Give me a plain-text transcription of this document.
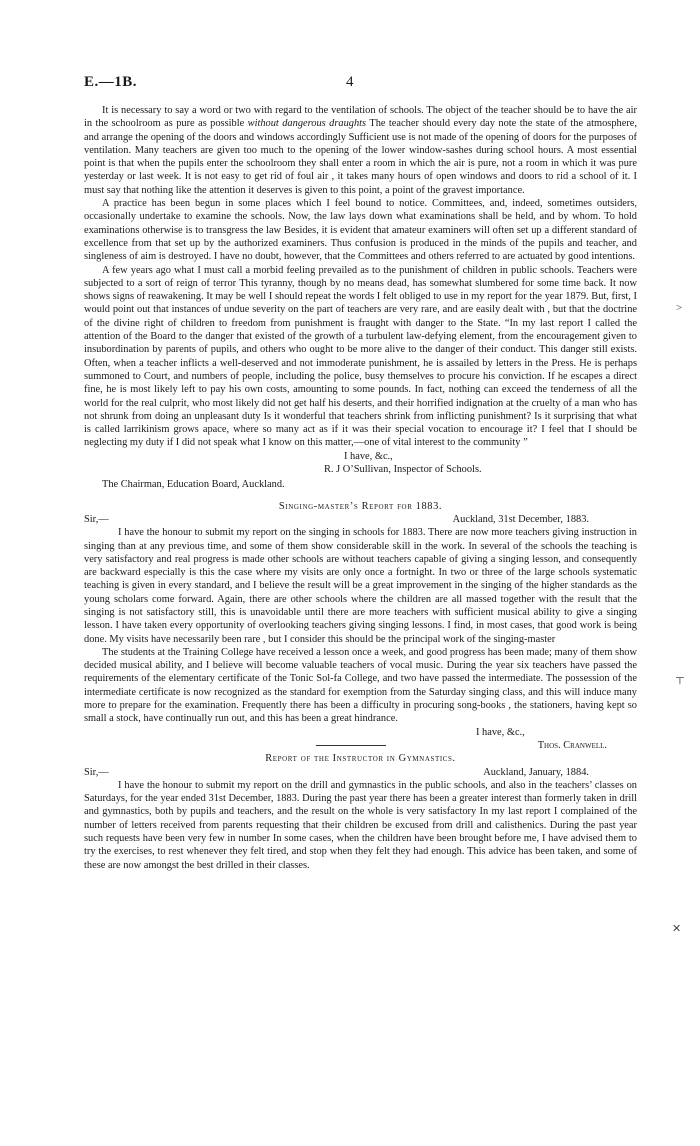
E.—1B.	4
>
┬
✕

It is necessary to say a word or two with regard to the ventilation of schools. The object of the teacher should be to have the air in the schoolroom as pure as possible without dangerous draughts The teacher should every day note the state of the atmosphere, and arrange the opening of the doors and windows accordingly Sufficient use is not made of the opening of doors for the purposes of ventilation. Many teachers are given too much to the opening of the lower window-sashes during school hours. A most essential point is that when the pupils enter the schoolroom they shall enter a room in which the air is pure, not a room in which it was pure yesterday or last week. It is not easy to get rid of foul air , it takes many hours of open windows and doors to rid a school of it. I must say that nothing like the attention it deserves is given to this point, a point of the gravest importance.

A practice has been begun in some places which I feel bound to notice. Committees, and, indeed, sometimes outsiders, occasionally undertake to examine the schools. Now, the law lays down what examinations shall be held, and by whom. To hold examinations otherwise is to transgress the law Besides, it is evident that amateur examiners will often set up a different standard of excellence from that set up by the authorized examiners. Thus confusion is produced in the minds of the pupils and teacher, and singleness of aim is destroyed. I have no doubt, however, that the Committees and others referred to are actuated by good intentions.

A few years ago what I must call a morbid feeling prevailed as to the punishment of children in public schools. Teachers were subjected to a sort of reign of terror This tyranny, though by no means dead, has somewhat slumbered for some time back. It now shows signs of reawakening. It may be well I should repeat the words I felt obliged to use in my report for the year 1879. But, first, I would point out that instances of undue severity on the part of teachers are very rare, and are easily dealt with , but that the doctrine of the divine right of children to freedom from punishment is fraught with danger to the State. “In my last report I called the attention of the Board to the danger that existed of the growth of a turbulent law-defying element, from the encouragement given to insubordination by parents of pupils, and others who ought to be more alive to the danger of their conduct. This danger still exists. Often, when a teacher inflicts a well-deserved and not immoderate punishment, he is assailed by letters in the Press. He is perhaps summoned to Court, and numbers of people, including the police, busy themselves to procure his conviction. If he escapes a direct fine, he is most likely left to pay his own costs, amounting to some pounds. In fact, nothing can exceed the tenderness of all the world for the real culprit, who most likely did not get half his deserts, and their horrified indignation at the cruelty of a man who has not shrunk from doing an unpleasant duty Is it wonderful that teachers shrink from inflicting punishment? Is it surprising that what is called larrikinism grows apace, where so many act as if it was their special vocation to encourage it? I feel that I should be neglecting my duty if I did not speak what I know on this matter,—one of vital interest to the community ”

I have, &c.,
R. J O’Sullivan, Inspector of Schools.
The Chairman, Education Board, Auckland.
Singing-master’s Report for 1883.
Sir,—	Auckland, 31st December, 1883.

I have the honour to submit my report on the singing in schools for 1883. There are now more teachers giving instruction in singing than at any previous time, and some of them show considerable skill in the work. In several of the schools the teaching is very satisfactory and real progress is made other schools are without teachers capable of giving a singing lesson, and consequently are backward especially is this the case where my visits are only once a fortnight. In two or three of the large schools systematic teaching is given in every standard, and I believe the result will be a great improvement in the singing of the higher standards as the young scholars come forward. Again, there are other schools where the children are all massed together with the result that the singing is not satisfactory still, this is unavoidable until there are more teachers with sufficient musical ability to give a singing lesson. I have taken every opportunity of overlooking teachers giving singing lessons. I find, in most cases, that good work is being done. My visits have necessarily been rare , but I consider this should be the principal work of the singing-master

The students at the Training College have received a lesson once a week, and good progress has been made; many of them show decided musical ability, and I believe will become valuable teachers of vocal music. During the year six teachers have passed the requirements of the elementary certificate of the Tonic Sol-fa College, and two have passed the intermediate. The possession of the intermediate certificate is now recognized as the standard for exemption from the Saturday singing class, and this will induce many more to prepare for the examination. Frequently there has been a difficulty in procuring song-books , the stationers, having kept so small a stock, have continually run out, and this has been a great hindrance.

I have, &c.,
Thos. Cranwell.
Report of the Instructor in Gymnastics.
Sir,—	Auckland, January, 1884.

I have the honour to submit my report on the drill and gymnastics in the public schools, and also in the teachers’ classes on Saturdays, for the year ended 31st December, 1883. During the past year there has been a greater interest than formerly taken in drill and gymnastics, both by pupils and teachers, and the result on the whole is very satisfactory In my last report I complained of the number of letters received from parents requesting that their children be excused from drill and calisthenics. During the past year such requests have been very few in number In some cases, when the children have been brought before me, I have advised them to try the exercises, to rest whenever they felt tired, and stop when they felt they had enough. This advice has been taken, and some of these are now amongst the best drilled in their classes.
